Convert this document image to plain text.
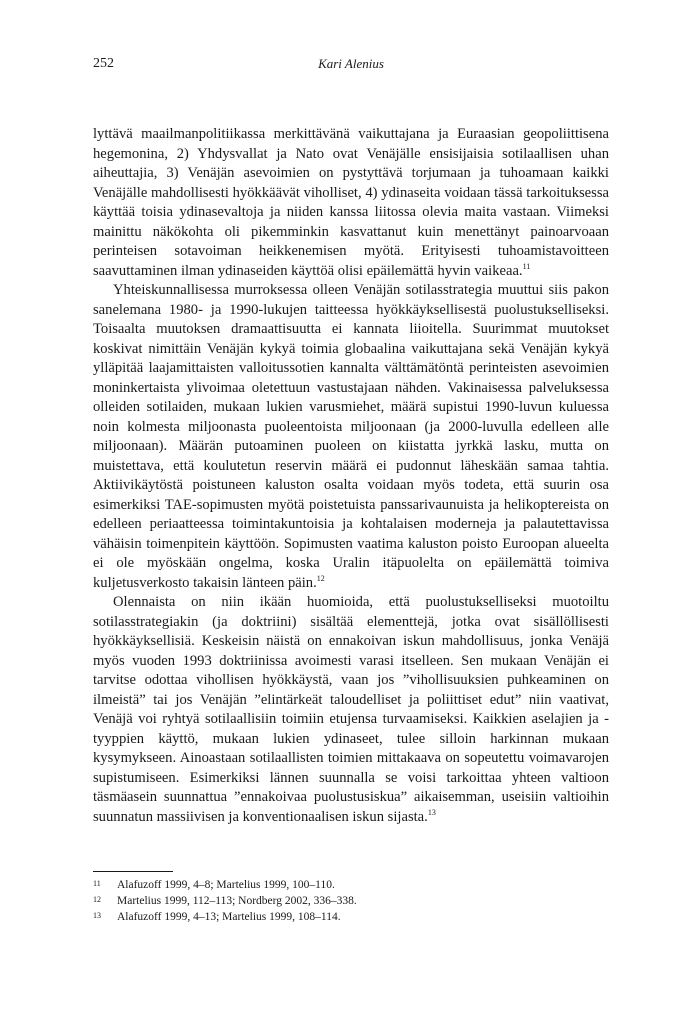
252	Kari Alenius

lyttävä maailmanpolitiikassa merkittävänä vaikuttajana ja Euraasian geopoliittisena hegemonina, 2) Yhdysvallat ja Nato ovat Venäjälle ensisijaisia sotilaallisen uhan aiheuttajia, 3) Venäjän asevoimien on pystyttävä torjumaan ja tuhoamaan kaikki Venäjälle mahdollisesti hyökkäävät viholliset, 4) ydinaseita voidaan tässä tarkoituksessa käyttää toisia ydinasevaltoja ja niiden kanssa liitossa olevia maita vastaan. Viimeksi mainittu näkökohta oli pikemminkin kasvattanut kuin menettänyt painoarvoaan perinteisen sotavoiman heikkenemisen myötä. Erityisesti tuhoamistavoitteen saavuttaminen ilman ydinaseiden käyttöä olisi epäilemättä hyvin vaikeaa.$^{11}$

Yhteiskunnallisessa murroksessa olleen Venäjän sotilasstrategia muuttui siis pakon sanelemana 1980- ja 1990-lukujen taitteessa hyökkäyksellisestä puolustukselliseksi. Toisaalta muutoksen dramaattisuutta ei kannata liioitella. Suurimmat muutokset koskivat nimittäin Venäjän kykyä toimia globaalina vaikuttajana sekä Venäjän kykyä ylläpitää laajamittaisten valloitussotien kannalta välttämätöntä perinteisten asevoimien moninkertaista ylivoimaa oletettuun vastustajaan nähden. Vakinaisessa palveluksessa olleiden sotilaiden, mukaan lukien varusmiehet, määrä supistui 1990-luvun kuluessa noin kolmesta miljoonasta puoleentoista miljoonaan (ja 2000-luvulla edelleen alle miljoonaan). Määrän putoaminen puoleen on kiistatta jyrkkä lasku, mutta on muistettava, että koulutetun reservin määrä ei pudonnut läheskään samaa tahtia. Aktiivikäytöstä poistuneen kaluston osalta voidaan myös todeta, että suurin osa esimerkiksi TAE-sopimusten myötä poistetuista panssarivaunuista ja helikoptereista on edelleen periaatteessa toimintakuntoisia ja kohtalaisen moderneja ja palautettavissa vähäisin toimenpitein käyttöön. Sopimusten vaatima kaluston poisto Euroopan alueelta ei ole myöskään ongelma, koska Uralin itäpuolelta on epäilemättä toimiva kuljetusverkosto takaisin länteen päin.$^{12}$

Olennaista on niin ikään huomioida, että puolustukselliseksi muotoiltu sotilasstrategiakin (ja doktriini) sisältää elementtejä, jotka ovat sisällöllisesti hyökkäyksellisiä. Keskeisin näistä on ennakoivan iskun mahdollisuus, jonka Venäjä myös vuoden 1993 doktriinissa avoimesti varasi itselleen. Sen mukaan Venäjän ei tarvitse odottaa vihollisen hyökkäystä, vaan jos ”vihollisuuksien puhkeaminen on ilmeistä” tai jos Venäjän ”elintärkeät taloudelliset ja poliittiset edut” niin vaativat, Venäjä voi ryhtyä sotilaallisiin toimiin etujensa turvaamiseksi. Kaikkien aselajien ja -tyyppien käyttö, mukaan lukien ydinaseet, tulee silloin harkinnan mukaan kysymykseen. Ainoastaan sotilaallisten toimien mittakaava on sopeutettu voimavarojen supistumiseen. Esimerkiksi lännen suunnalla se voisi tarkoittaa yhteen valtioon täsmäasein suunnattua ”ennakoivaa puolustusiskua” aikaisemman, useisiin valtioihin suunnatun massiivisen ja konventionaalisen iskun sijasta.$^{13}$

11 Alafuzoff 1999, 4–8; Martelius 1999, 100–110.
12 Martelius 1999, 112–113; Nordberg 2002, 336–338.
13 Alafuzoff 1999, 4–13; Martelius 1999, 108–114.
